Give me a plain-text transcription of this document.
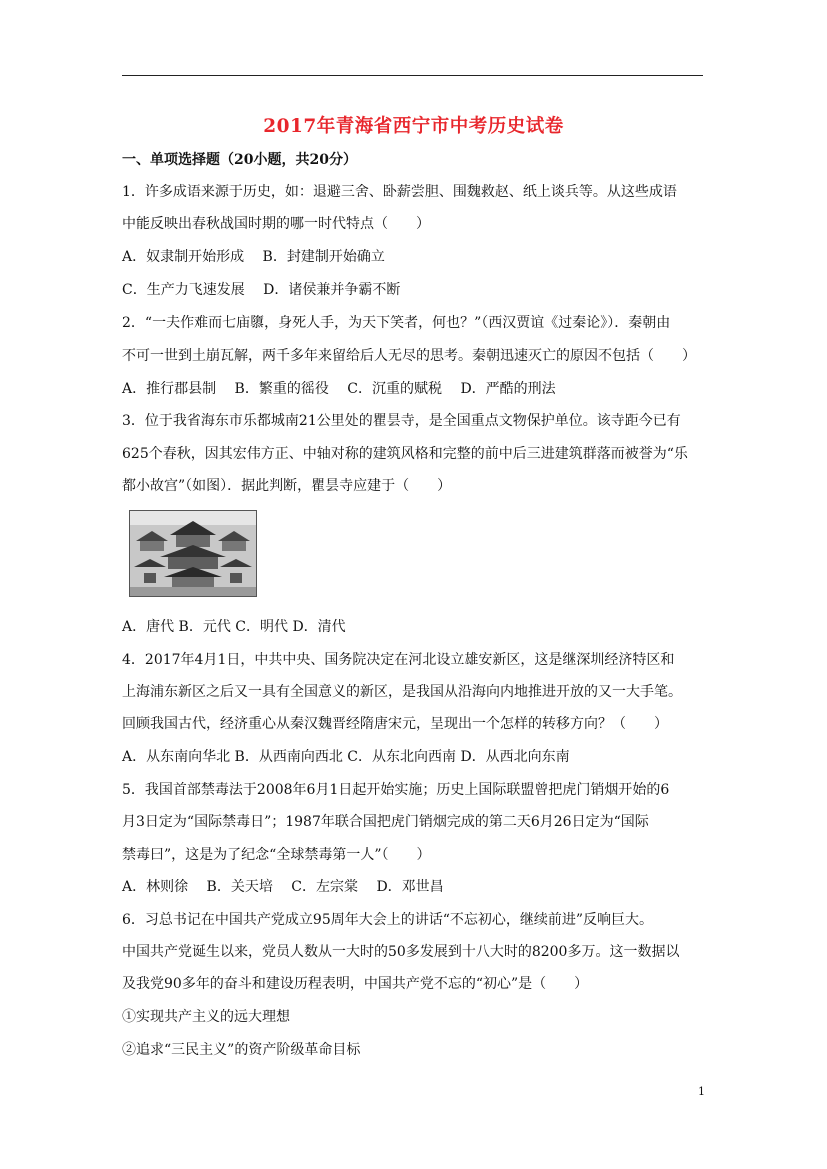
2017年青海省西宁市中考历史试卷
一、单项选择题（20小题，共20分）
1．许多成语来源于历史，如：退避三舍、卧薪尝胆、围魏救赵、纸上谈兵等。从这些成语
中能反映出春秋战国时期的哪一时代特点（　　）
A．奴隶制开始形成　 B．封建制开始确立
C．生产力飞速发展　 D．诸侯兼并争霸不断
2．“一夫作难而七庙隳，身死人手，为天下笑者，何也？”（西汉贾谊《过秦论》）．秦朝由
不可一世到土崩瓦解，两千多年来留给后人无尽的思考。秦朝迅速灭亡的原因不包括（　　）
A．推行郡县制　 B．繁重的徭役　 C．沉重的赋税　 D．严酷的刑法
3．位于我省海东市乐都城南21公里处的瞿昙寺，是全国重点文物保护单位。该寺距今已有
625个春秋，因其宏伟方正、中轴对称的建筑风格和完整的前中后三进建筑群落而被誉为“乐
都小故宫”（如图）．据此判断，瞿昙寺应建于（　　）
A．唐代 B．元代 C．明代 D．清代
4．2017年4月1日，中共中央、国务院决定在河北设立雄安新区，这是继深圳经济特区和
上海浦东新区之后又一具有全国意义的新区，是我国从沿海向内地推进开放的又一大手笔。
回顾我国古代，经济重心从秦汉魏晋经隋唐宋元，呈现出一个怎样的转移方向？（　　）
A．从东南向华北 B．从西南向西北 C．从东北向西南 D．从西北向东南
5．我国首部禁毒法于2008年6月1日起开始实施；历史上国际联盟曾把虎门销烟开始的6
月3日定为“国际禁毒日”；1987年联合国把虎门销烟完成的第二天6月26日定为“国际
禁毒曰”，这是为了纪念“全球禁毒第一人”（　　）
A．林则徐　 B．关天培　 C．左宗棠　 D．邓世昌
6．习总书记在中国共产党成立95周年大会上的讲话“不忘初心，继续前进”反响巨大。
中国共产党诞生以来，党员人数从一大时的50多发展到十八大时的8200多万。这一数据以
及我党90多年的奋斗和建设历程表明，中国共产党不忘的“初心”是（　　）
①实现共产主义的远大理想
②追求“三民主义”的资产阶级革命目标
1
